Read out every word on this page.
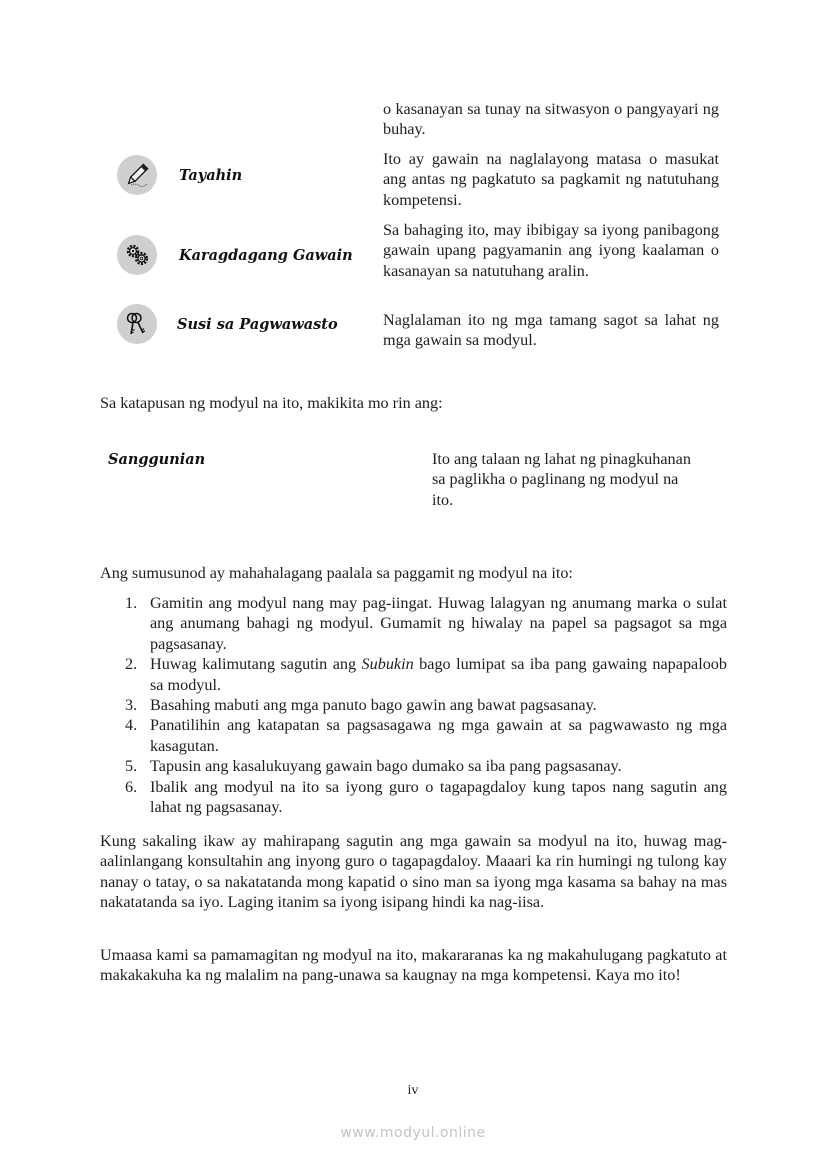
o kasanayan sa tunay na sitwasyon o pangyayari ng buhay.
Tayahin
Ito ay gawain na naglalayong matasa o masukat ang antas ng pagkatuto sa pagkamit ng natutuhang kompetensi.
Karagdagang Gawain
Sa bahaging ito, may ibibigay sa iyong panibagong gawain upang pagyamanin ang iyong kaalaman o kasanayan sa natutuhang aralin.
Susi sa Pagwawasto	Naglalaman ito ng mga tamang sagot sa lahat ng mga gawain sa modyul.
Sa katapusan ng modyul na ito, makikita mo rin ang:
Sanggunian	Ito ang talaan ng lahat ng pinagkuhanan sa paglikha o paglinang ng modyul na ito.
Ang sumusunod ay mahahalagang paalala sa paggamit ng modyul na ito:
1. Gamitin ang modyul nang may pag-iingat. Huwag lalagyan ng anumang marka o sulat ang anumang bahagi ng modyul. Gumamit ng hiwalay na papel sa pagsagot sa mga pagsasanay.
2. Huwag kalimutang sagutin ang Subukin bago lumipat sa iba pang gawaing napapaloob sa modyul.
3. Basahing mabuti ang mga panuto bago gawin ang bawat pagsasanay.
4. Panatilihin ang katapatan sa pagsasagawa ng mga gawain at sa pagwawasto ng mga kasagutan.
5. Tapusin ang kasalukuyang gawain bago dumako sa iba pang pagsasanay.
6. Ibalik ang modyul na ito sa iyong guro o tagapagdaloy kung tapos nang sagutin ang lahat ng pagsasanay.
Kung sakaling ikaw ay mahirapang sagutin ang mga gawain sa modyul na ito, huwag mag-aalinlangang konsultahin ang inyong guro o tagapagdaloy. Maaari ka rin humingi ng tulong kay nanay o tatay, o sa nakatatanda mong kapatid o sino man sa iyong mga kasama sa bahay na mas nakatatanda sa iyo. Laging itanim sa iyong isipang hindi ka nag-iisa.
Umaasa kami sa pamamagitan ng modyul na ito, makararanas ka ng makahulugang pagkatuto at makakakuha ka ng malalim na pang-unawa sa kaugnay na mga kompetensi. Kaya mo ito!
iv
www.modyul.online
